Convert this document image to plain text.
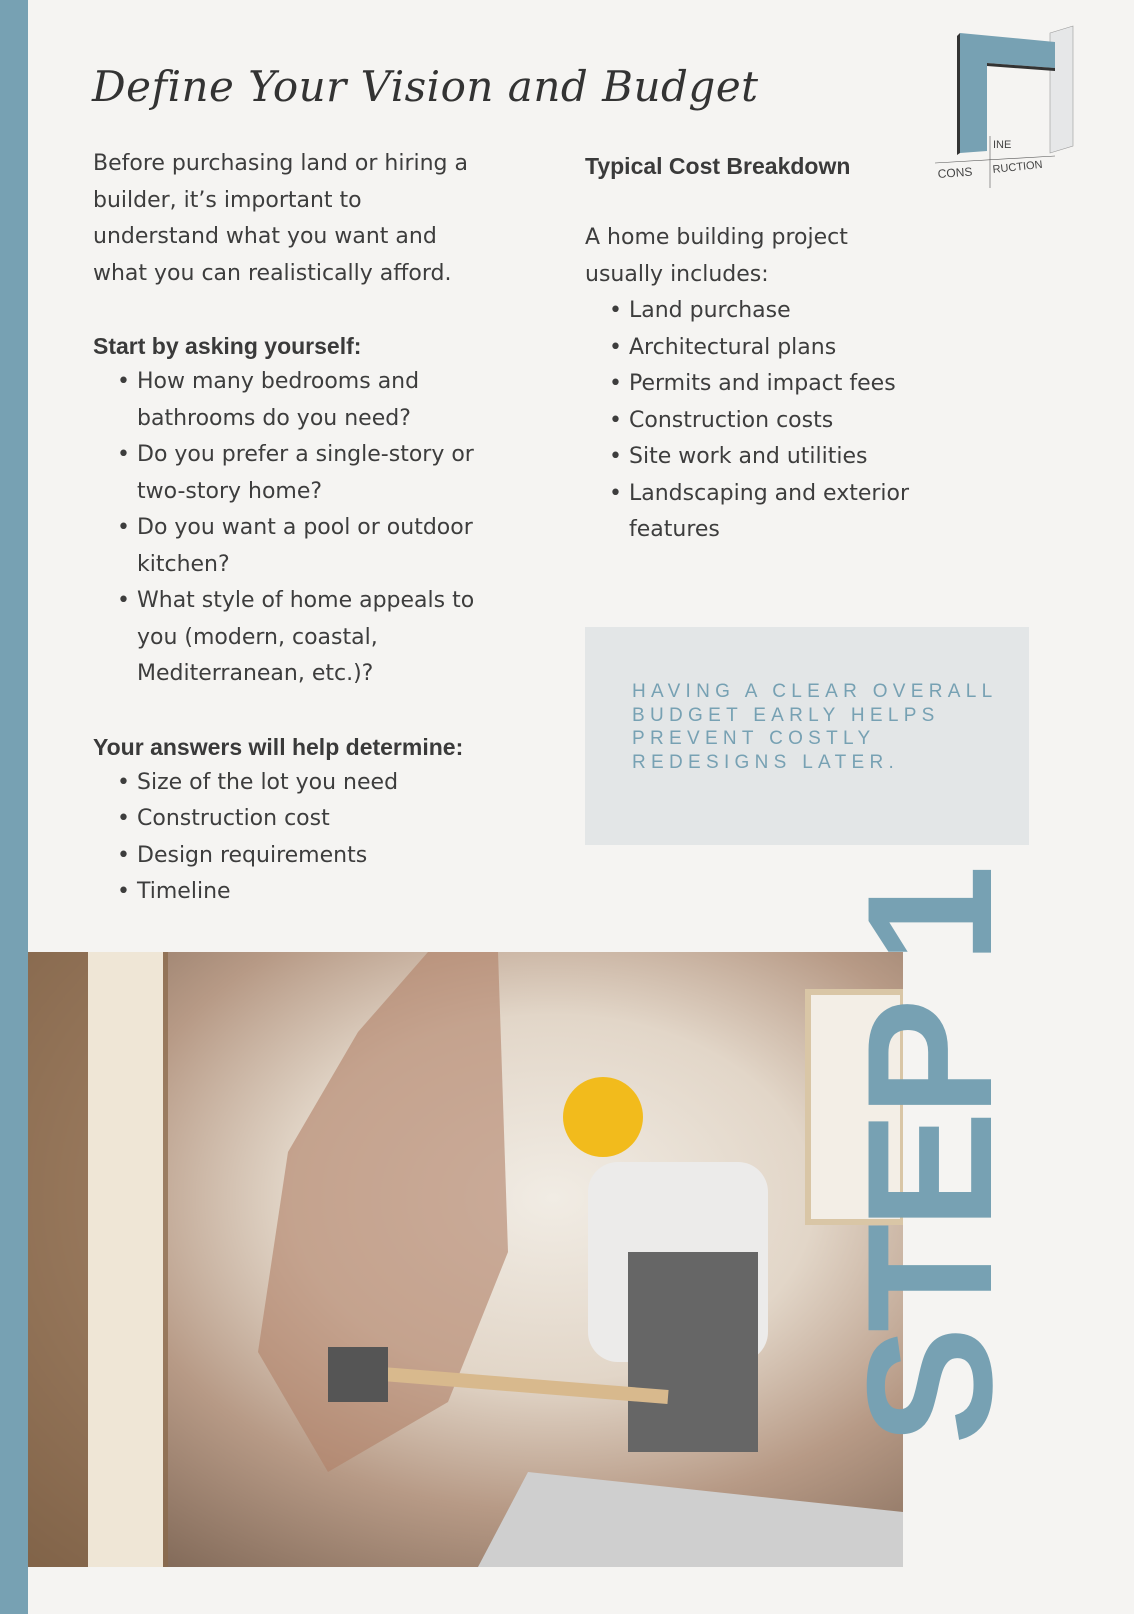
Define Your Vision and Budget
INE
CONS RUCTION

Before purchasing land or hiring a builder, it’s important to understand what you want and what you can realistically afford.

Start by asking yourself:
• How many bedrooms and bathrooms do you need?
• Do you prefer a single-story or two-story home?
• Do you want a pool or outdoor kitchen?
• What style of home appeals to you (modern, coastal, Mediterranean, etc.)?

Your answers will help determine:
• Size of the lot you need
• Construction cost
• Design requirements
• Timeline
Typical Cost Breakdown

A home building project usually includes:

• Land purchase
• Architectural plans
• Permits and impact fees
• Construction costs
• Site work and utilities
• Landscaping and exterior features
HAVING A CLEAR OVERALL BUDGET EARLY HELPS PREVENT COSTLY REDESIGNS LATER.
STEP 1
